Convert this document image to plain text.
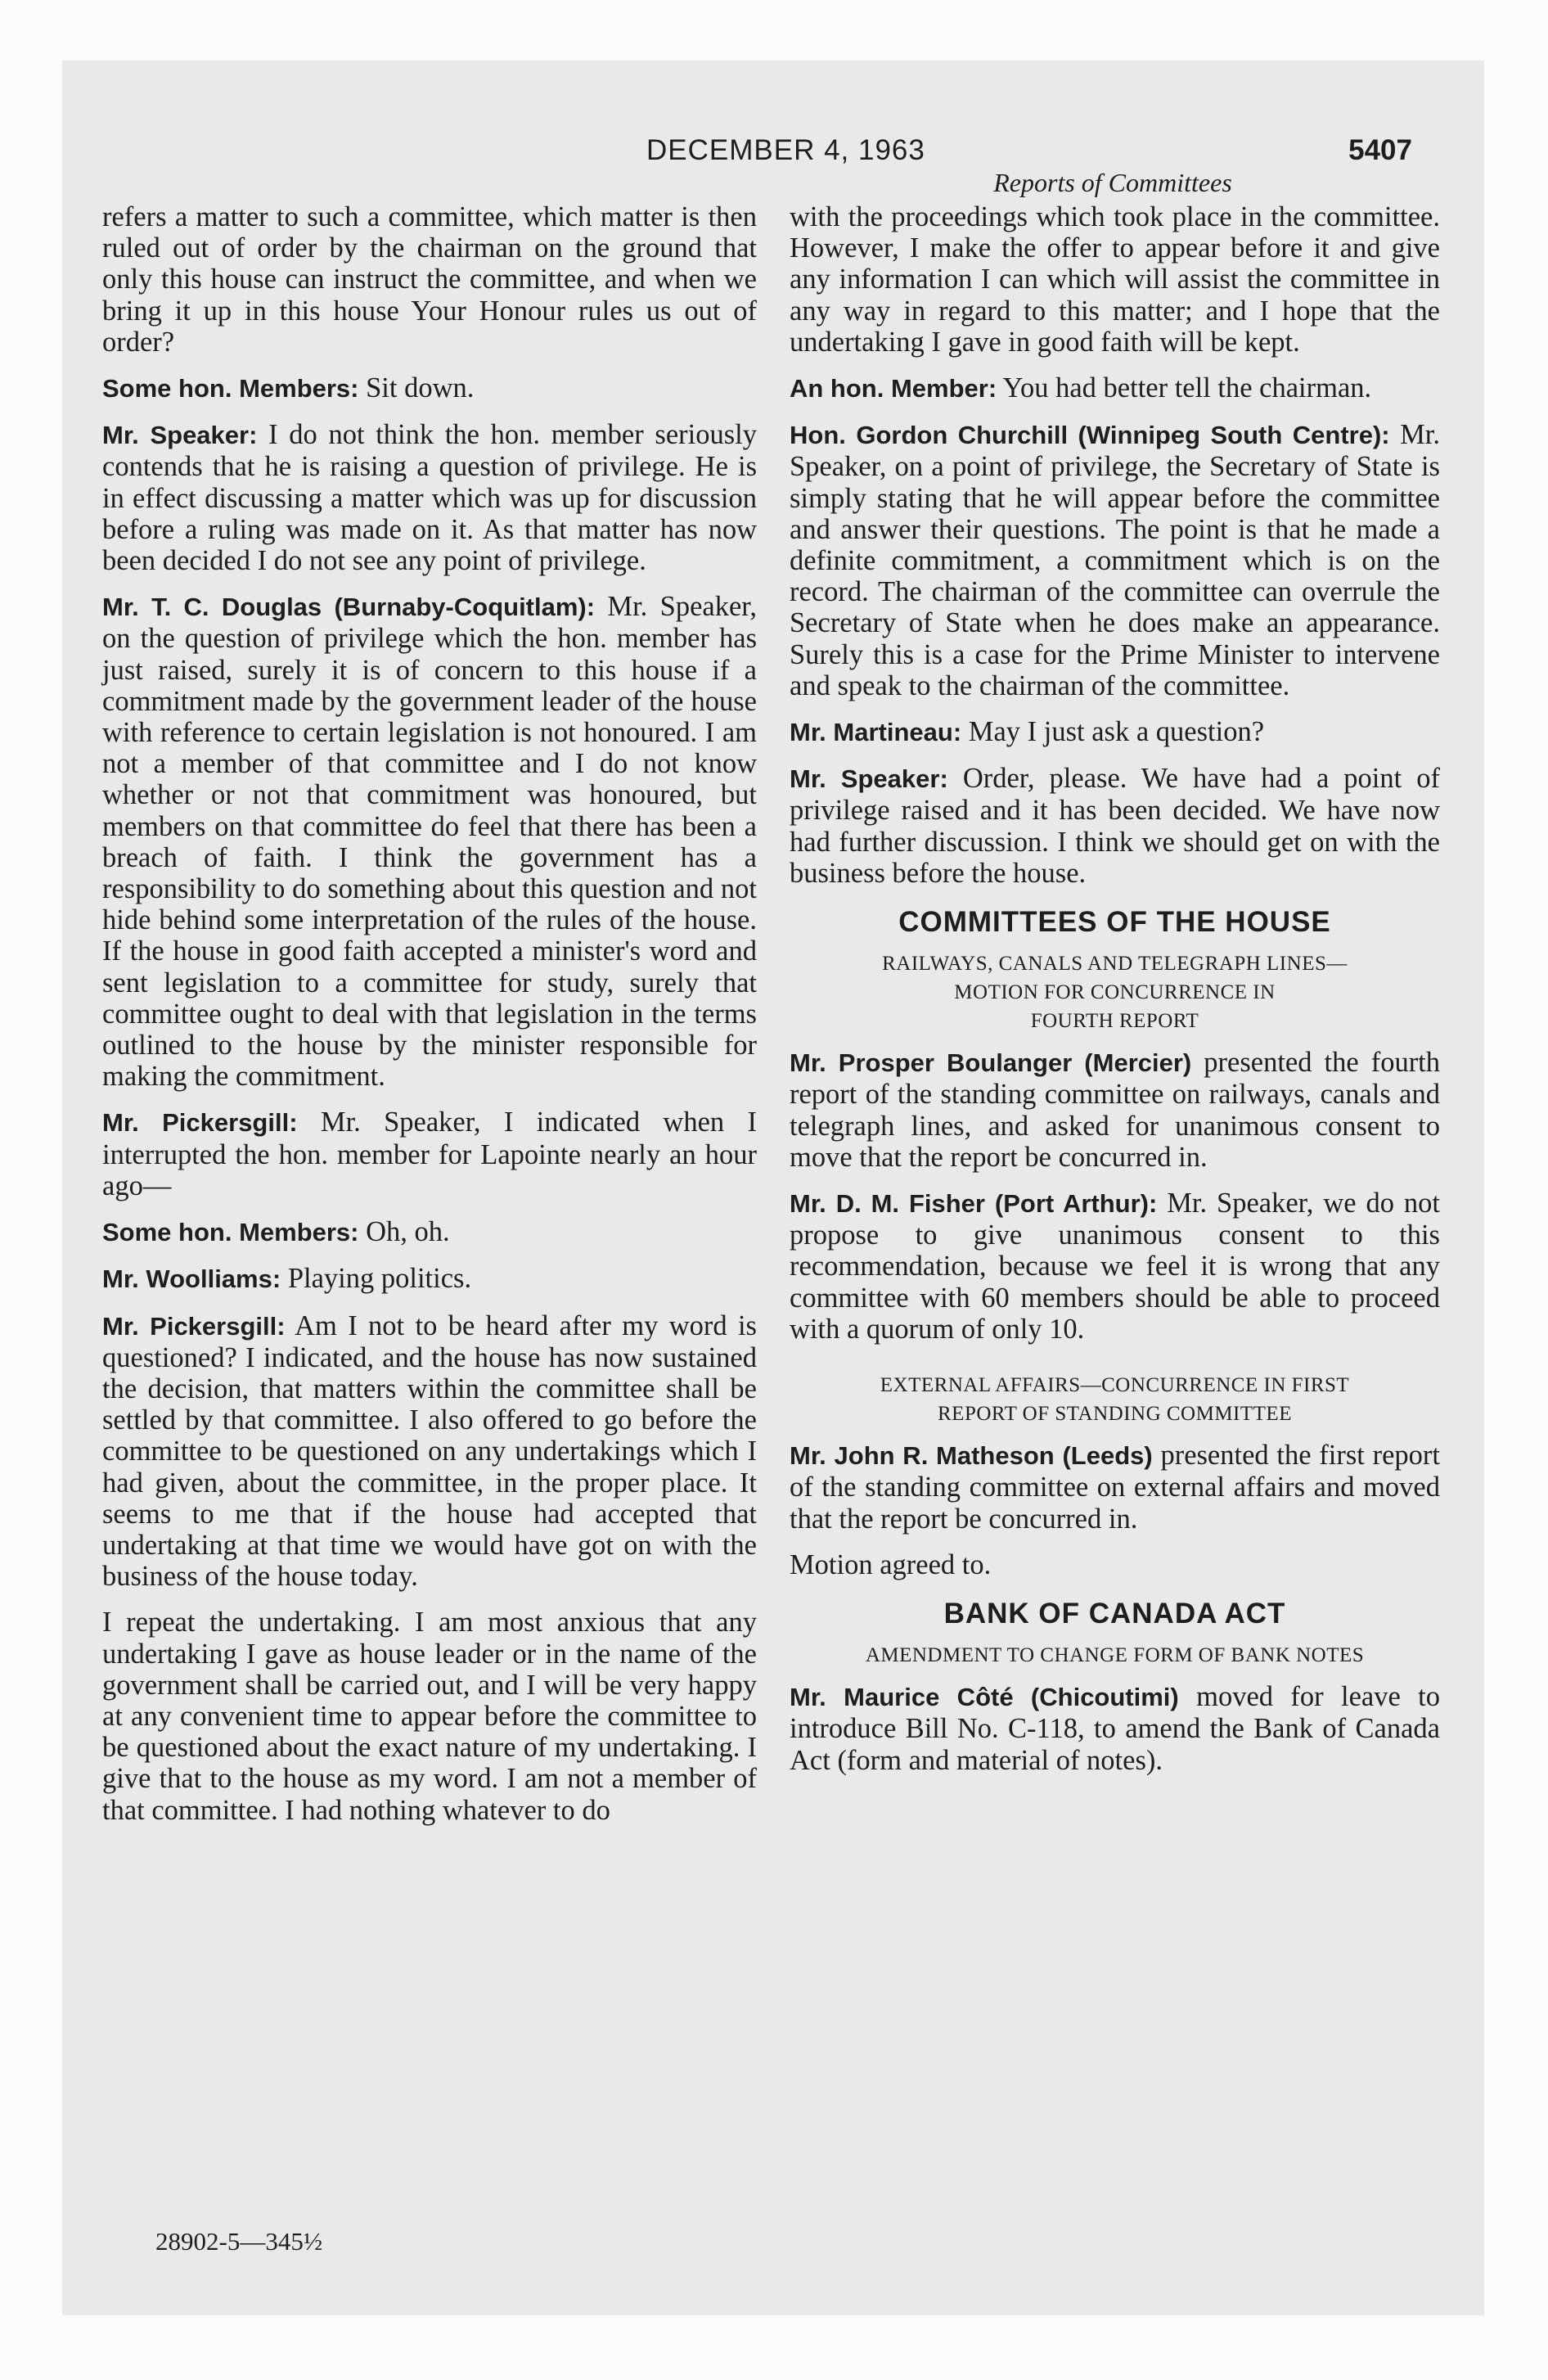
DECEMBER 4, 1963	5407
Reports of Committees

refers a matter to such a committee, which matter is then ruled out of order by the chairman on the ground that only this house can instruct the committee, and when we bring it up in this house Your Honour rules us out of order?

Some hon. Members: Sit down.

Mr. Speaker: I do not think the hon. member seriously contends that he is raising a question of privilege. He is in effect discussing a matter which was up for discussion before a ruling was made on it. As that matter has now been decided I do not see any point of privilege.

Mr. T. C. Douglas (Burnaby-Coquitlam): Mr. Speaker, on the question of privilege which the hon. member has just raised, surely it is of concern to this house if a commitment made by the government leader of the house with reference to certain legislation is not honoured. I am not a member of that committee and I do not know whether or not that commitment was honoured, but members on that committee do feel that there has been a breach of faith. I think the government has a responsibility to do something about this question and not hide behind some interpretation of the rules of the house. If the house in good faith accepted a minister's word and sent legislation to a committee for study, surely that committee ought to deal with that legislation in the terms outlined to the house by the minister responsible for making the commitment.

Mr. Pickersgill: Mr. Speaker, I indicated when I interrupted the hon. member for Lapointe nearly an hour ago—

Some hon. Members: Oh, oh.

Mr. Woolliams: Playing politics.

Mr. Pickersgill: Am I not to be heard after my word is questioned? I indicated, and the house has now sustained the decision, that matters within the committee shall be settled by that committee. I also offered to go before the committee to be questioned on any undertakings which I had given, about the committee, in the proper place. It seems to me that if the house had accepted that undertaking at that time we would have got on with the business of the house today.

I repeat the undertaking. I am most anxious that any undertaking I gave as house leader or in the name of the government shall be carried out, and I will be very happy at any convenient time to appear before the committee to be questioned about the exact nature of my undertaking. I give that to the house as my word. I am not a member of that committee. I had nothing whatever to do

28902-5—345½

with the proceedings which took place in the committee. However, I make the offer to appear before it and give any information I can which will assist the committee in any way in regard to this matter; and I hope that the undertaking I gave in good faith will be kept.

An hon. Member: You had better tell the chairman.

Hon. Gordon Churchill (Winnipeg South Centre): Mr. Speaker, on a point of privilege, the Secretary of State is simply stating that he will appear before the committee and answer their questions. The point is that he made a definite commitment, a commitment which is on the record. The chairman of the committee can overrule the Secretary of State when he does make an appearance. Surely this is a case for the Prime Minister to intervene and speak to the chairman of the committee.

Mr. Martineau: May I just ask a question?

Mr. Speaker: Order, please. We have had a point of privilege raised and it has been decided. We have now had further discussion. I think we should get on with the business before the house.

COMMITTEES OF THE HOUSE
RAILWAYS, CANALS AND TELEGRAPH LINES—
MOTION FOR CONCURRENCE IN
FOURTH REPORT

Mr. Prosper Boulanger (Mercier) presented the fourth report of the standing committee on railways, canals and telegraph lines, and asked for unanimous consent to move that the report be concurred in.

Mr. D. M. Fisher (Port Arthur): Mr. Speaker, we do not propose to give unanimous consent to this recommendation, because we feel it is wrong that any committee with 60 members should be able to proceed with a quorum of only 10.

EXTERNAL AFFAIRS—CONCURRENCE IN FIRST
REPORT OF STANDING COMMITTEE

Mr. John R. Matheson (Leeds) presented the first report of the standing committee on external affairs and moved that the report be concurred in.

Motion agreed to.

BANK OF CANADA ACT
AMENDMENT TO CHANGE FORM OF BANK NOTES

Mr. Maurice Côté (Chicoutimi) moved for leave to introduce Bill No. C-118, to amend the Bank of Canada Act (form and material of notes).
